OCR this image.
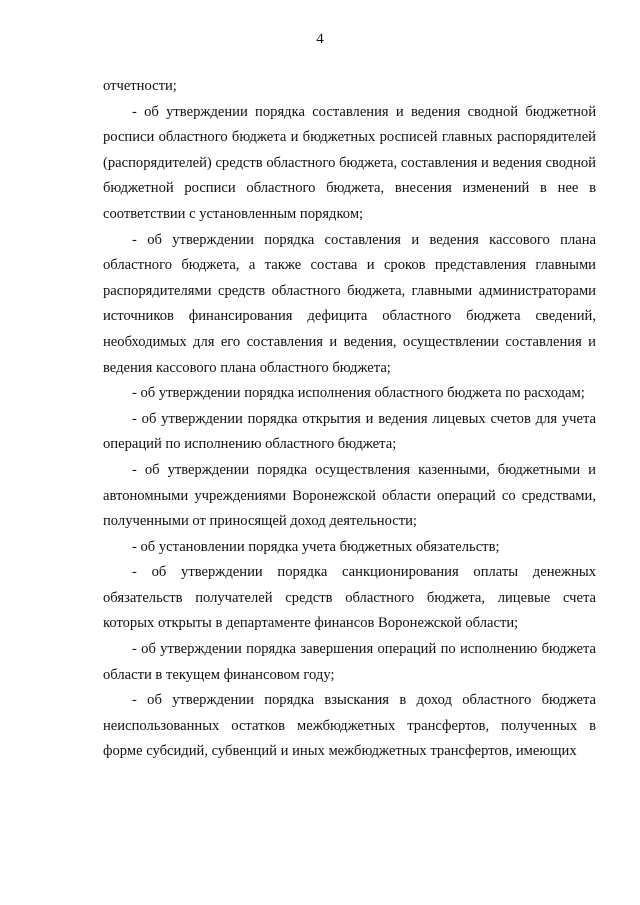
4

отчетности;

- об утверждении порядка составления и ведения сводной бюджетной росписи областного бюджета и бюджетных росписей главных распорядителей (распорядителей) средств областного бюджета, составления и ведения сводной бюджетной росписи областного бюджета, внесения изменений в нее в соответствии с установленным порядком;

- об утверждении порядка составления и ведения кассового плана областного бюджета, а также состава и сроков представления главными распорядителями средств областного бюджета, главными администраторами источников финансирования дефицита областного бюджета сведений, необходимых для его составления и ведения, осуществлении составления и ведения кассового плана областного бюджета;

- об утверждении порядка исполнения областного бюджета по расходам;

- об утверждении порядка открытия и ведения лицевых счетов для учета операций по исполнению областного бюджета;

- об утверждении порядка осуществления казенными, бюджетными и автономными учреждениями Воронежской области операций со средствами, полученными от приносящей доход деятельности;

- об установлении порядка учета бюджетных обязательств;

- об утверждении порядка санкционирования оплаты денежных обязательств получателей средств областного бюджета, лицевые счета которых открыты в департаменте финансов Воронежской области;

- об утверждении порядка завершения операций по исполнению бюджета области в текущем финансовом году;

- об утверждении порядка взыскания в доход областного бюджета неиспользованных остатков межбюджетных трансфертов, полученных в форме субсидий, субвенций и иных межбюджетных трансфертов, имеющих
